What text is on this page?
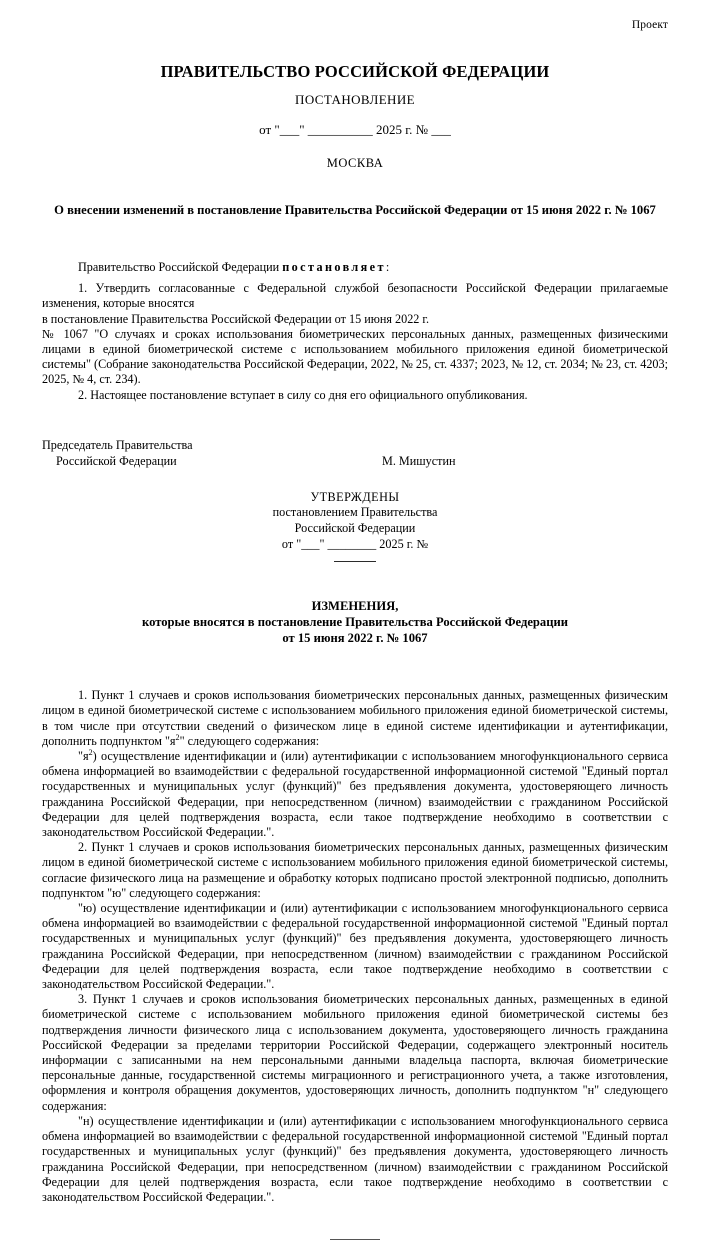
Проект
ПРАВИТЕЛЬСТВО РОССИЙСКОЙ ФЕДЕРАЦИИ

ПОСТАНОВЛЕНИЕ

от "___" __________ 2025 г. № ___

МОСКВА

О внесении изменений в постановление Правительства Российской Федерации от 15 июня 2022 г. № 1067

Правительство Российской Федерации постановляет:

1. Утвердить согласованные с Федеральной службой безопасности Российской Федерации прилагаемые изменения, которые вносятся

в постановление Правительства Российской Федерации от 15 июня 2022 г.

№ 1067 "О случаях и сроках использования биометрических персональных данных, размещенных физическими лицами в единой биометрической системе с использованием мобильного приложения единой биометрической системы" (Собрание законодательства Российской Федерации, 2022, № 25, ст. 4337; 2023, № 12, ст. 2034; № 23, ст. 4203; 2025, № 4, ст. 234).

2. Настоящее постановление вступает в силу со дня его официального опубликования.

Председатель Правительства

Российской Федерации	М. Мишустин

УТВЕРЖДЕНЫ

постановлением Правительства

Российской Федерации

от "___" ________ 2025 г. №

ИЗМЕНЕНИЯ,

которые вносятся в постановление Правительства Российской Федерации

от 15 июня 2022 г. № 1067

1. Пункт 1 случаев и сроков использования биометрических персональных данных, размещенных физическим лицом в единой биометрической системе с использованием мобильного приложения единой биометрической системы, в том числе при отсутствии сведений о физическом лице в единой системе идентификации и аутентификации, дополнить подпунктом "$я^2$" следующего содержания:

"$я^2$) осуществление идентификации и (или) аутентификации с использованием многофункционального сервиса обмена информацией во взаимодействии с федеральной государственной информационной системой "Единый портал государственных и муниципальных услуг (функций)" без предъявления документа, удостоверяющего личность гражданина Российской Федерации, при непосредственном (личном) взаимодействии с гражданином Российской Федерации для целей подтверждения возраста, если такое подтверждение необходимо в соответствии с законодательством Российской Федерации.".

2. Пункт 1 случаев и сроков использования биометрических персональных данных, размещенных физическим лицом в единой биометрической системе с использованием мобильного приложения единой биометрической системы, согласие физического лица на размещение и обработку которых подписано простой электронной подписью, дополнить подпунктом "ю" следующего содержания:

"ю) осуществление идентификации и (или) аутентификации с использованием многофункционального сервиса обмена информацией во взаимодействии с федеральной государственной информационной системой "Единый портал государственных и муниципальных услуг (функций)" без предъявления документа, удостоверяющего личность гражданина Российской Федерации, при непосредственном (личном) взаимодействии с гражданином Российской Федерации для целей подтверждения возраста, если такое подтверждение необходимо в соответствии с законодательством Российской Федерации.".

3. Пункт 1 случаев и сроков использования биометрических персональных данных, размещенных в единой биометрической системе с использованием мобильного приложения единой биометрической системы без подтверждения личности физического лица с использованием документа, удостоверяющего личность гражданина Российской Федерации за пределами территории Российской Федерации, содержащего электронный носитель информации с записанными на нем персональными данными владельца паспорта, включая биометрические персональные данные, государственной системы миграционного и регистрационного учета, а также изготовления, оформления и контроля обращения документов, удостоверяющих личность, дополнить подпунктом "н" следующего содержания:

"н) осуществление идентификации и (или) аутентификации с использованием многофункционального сервиса обмена информацией во взаимодействии с федеральной государственной информационной системой "Единый портал государственных и муниципальных услуг (функций)" без предъявления документа, удостоверяющего личность гражданина Российской Федерации, при непосредственном (личном) взаимодействии с гражданином Российской Федерации для целей подтверждения возраста, если такое подтверждение необходимо в соответствии с законодательством Российской Федерации.".
